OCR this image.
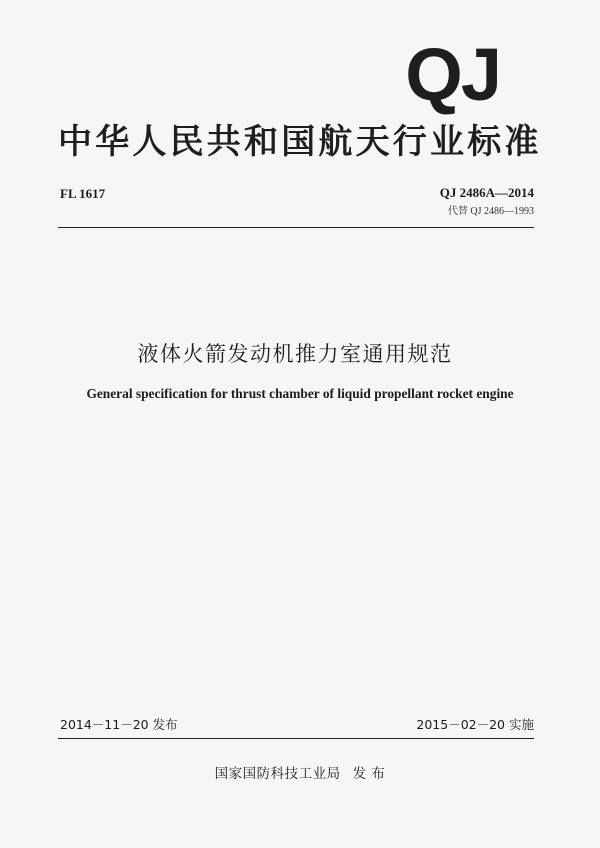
QJ
中华人民共和国航天行业标准
FL 1617	QJ 2486A—2014
代替 QJ 2486—1993
液体火箭发动机推力室通用规范
General specification for thrust chamber of liquid propellant rocket engine
2014－11－20 发布	2015－02－20 实施
国家国防科技工业局 发 布
